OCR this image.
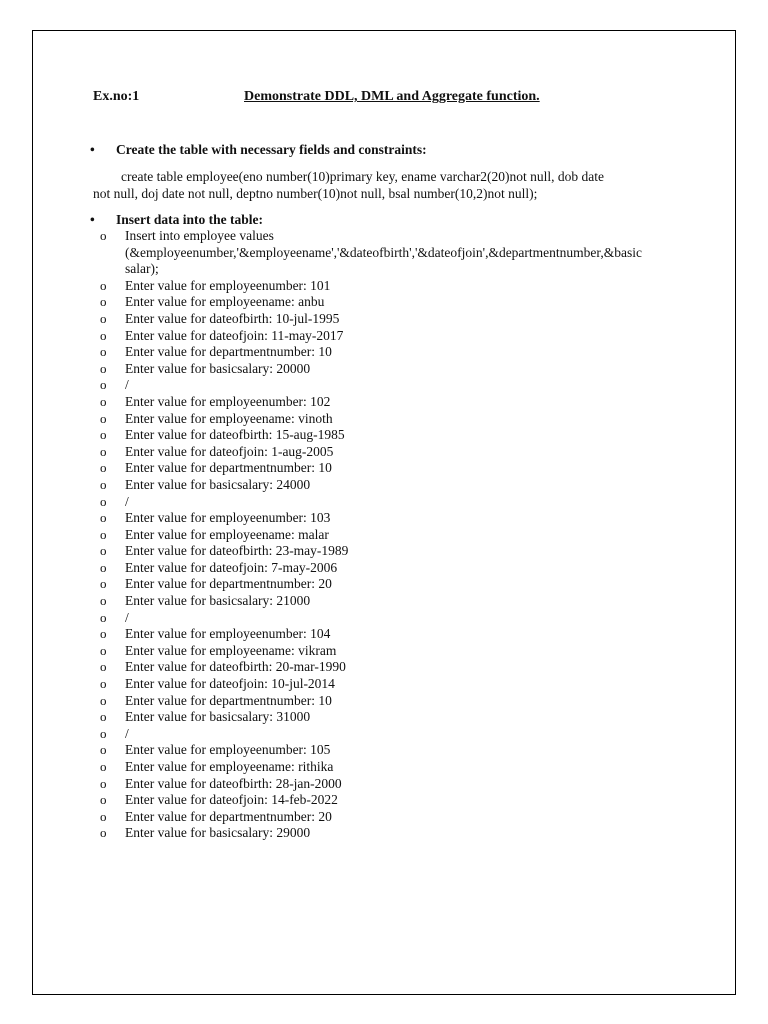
Ex.no:1	Demonstrate DDL, DML and Aggregate function.
• Create the table with necessary fields and constraints:
create table employee(eno number(10)primary key, ename varchar2(20)not null, dob date
not null, doj date not null, deptno number(10)not null, bsal number(10,2)not null);
• Insert data into the table:
o	Insert into employee values
(&employeenumber,'&employeename','&dateofbirth','&dateofjoin',&departmentnumber,&basic
salar);
o	Enter value for employeenumber: 101
o	Enter value for employeename: anbu
o	Enter value for dateofbirth: 10-jul-1995
o	Enter value for dateofjoin: 11-may-2017
o	Enter value for departmentnumber: 10
o	Enter value for basicsalary: 20000
o	/
o	Enter value for employeenumber: 102
o	Enter value for employeename: vinoth
o	Enter value for dateofbirth: 15-aug-1985
o	Enter value for dateofjoin: 1-aug-2005
o	Enter value for departmentnumber: 10
o	Enter value for basicsalary: 24000
o	/
o	Enter value for employeenumber: 103
o	Enter value for employeename: malar
o	Enter value for dateofbirth: 23-may-1989
o	Enter value for dateofjoin: 7-may-2006
o	Enter value for departmentnumber: 20
o	Enter value for basicsalary: 21000
o	/
o	Enter value for employeenumber: 104
o	Enter value for employeename: vikram
o	Enter value for dateofbirth: 20-mar-1990
o	Enter value for dateofjoin: 10-jul-2014
o	Enter value for departmentnumber: 10
o	Enter value for basicsalary: 31000
o	/
o	Enter value for employeenumber: 105
o	Enter value for employeename: rithika
o	Enter value for dateofbirth: 28-jan-2000
o	Enter value for dateofjoin: 14-feb-2022
o	Enter value for departmentnumber: 20
o	Enter value for basicsalary: 29000
